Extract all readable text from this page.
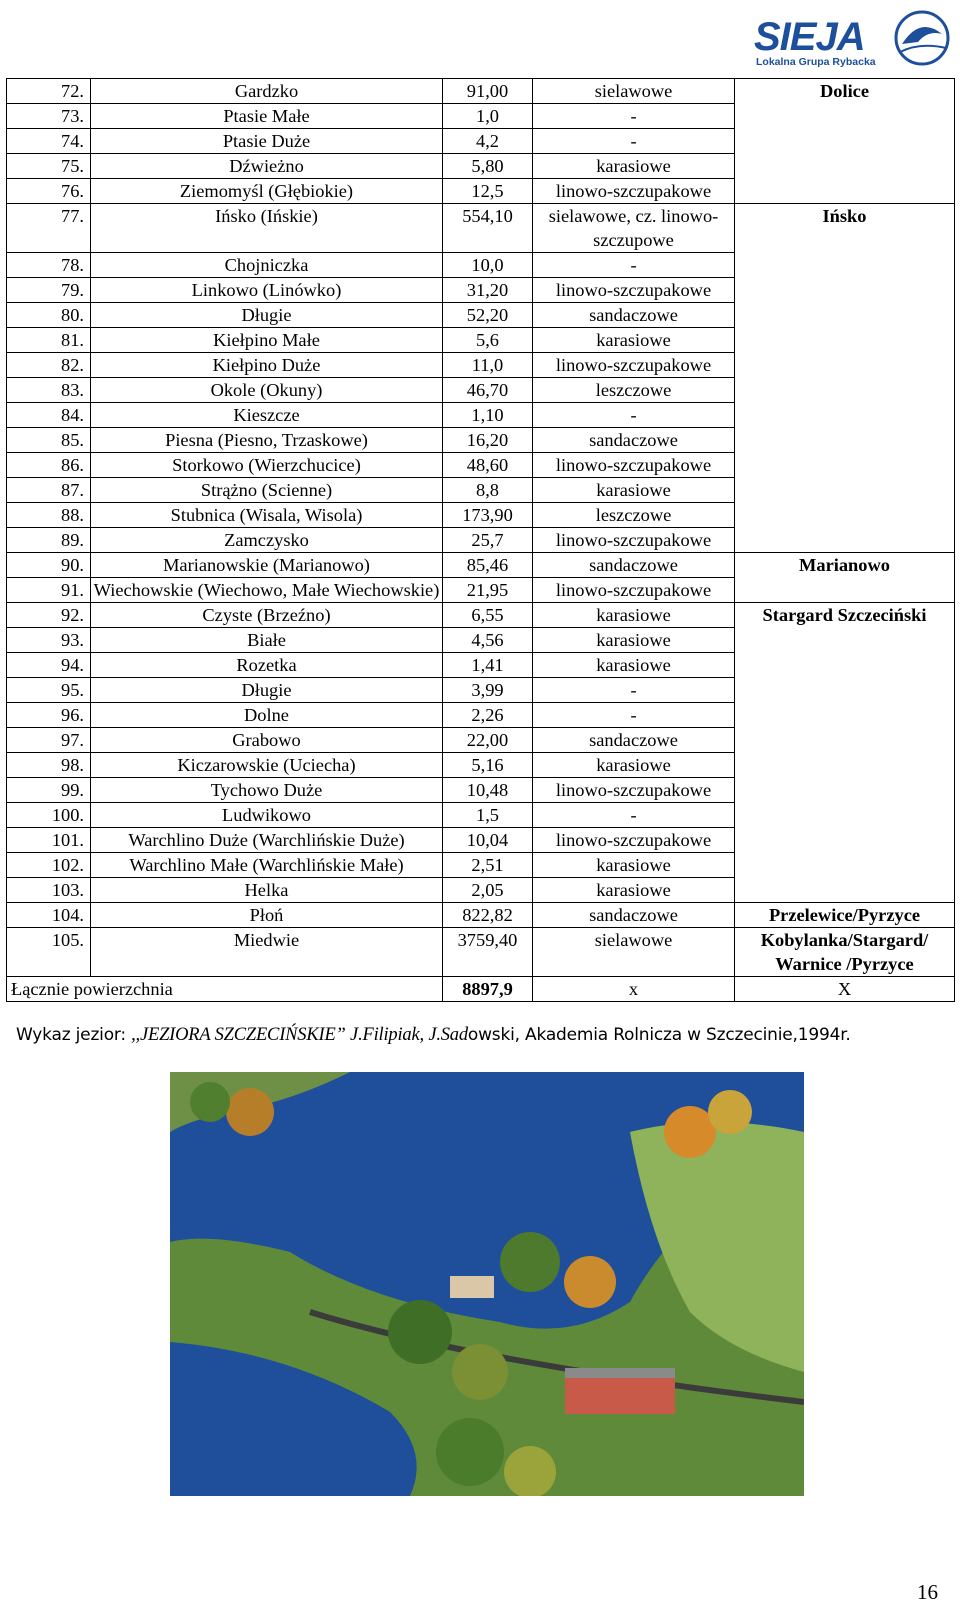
SIEJA
Lokalna Grupa Rybacka
72.	Gardzko	91,00	sielawowe	Dolice
73.	Ptasie Małe	1,0	-	
74.	Ptasie Duże	4,2	-	
75.	Dźwieżno	5,80	karasiowe	
76.	Ziemomyśl (Głębiokie)	12,5	linowo-szczupakowe	
77.	Ińsko (Ińskie)	554,10	sielawowe, cz. linowo-szczupowe	Ińsko
78.	Chojniczka	10,0	-	
79.	Linkowo (Linówko)	31,20	linowo-szczupakowe	
80.	Długie	52,20	sandaczowe	
81.	Kiełpino Małe	5,6	karasiowe	
82.	Kiełpino Duże	11,0	linowo-szczupakowe	
83.	Okole (Okuny)	46,70	leszczowe	
84.	Kieszcze	1,10	-	
85.	Piesna (Piesno, Trzaskowe)	16,20	sandaczowe	
86.	Storkowo (Wierzchucice)	48,60	linowo-szczupakowe	
87.	Strążno (Scienne)	8,8	karasiowe	
88.	Stubnica (Wisala, Wisola)	173,90	leszczowe	
89.	Zamczysko	25,7	linowo-szczupakowe	
90.	Marianowskie (Marianowo)	85,46	sandaczowe	Marianowo
91.	Wiechowskie (Wiechowo, Małe Wiechowskie)	21,95	linowo-szczupakowe	
92.	Czyste (Brzeźno)	6,55	karasiowe	Stargard Szczeciński
93.	Białe	4,56	karasiowe	
94.	Rozetka	1,41	karasiowe	
95.	Długie	3,99	-	
96.	Dolne	2,26	-	
97.	Grabowo	22,00	sandaczowe	
98.	Kiczarowskie (Uciecha)	5,16	karasiowe	
99.	Tychowo Duże	10,48	linowo-szczupakowe	
100.	Ludwikowo	1,5	-	
101.	Warchlino Duże (Warchlińskie Duże)	10,04	linowo-szczupakowe	
102.	Warchlino Małe (Warchlińskie Małe)	2,51	karasiowe	
103.	Helka	2,05	karasiowe	
104.	Płoń	822,82	sandaczowe	Przelewice/Pyrzyce
105.	Miedwie	3759,40	sielawowe	Kobylanka/Stargard/ Warnice /Pyrzyce
Łącznie powierzchnia		8897,9	x	X
Wykaz jezior: ,,JEZIORA SZCZECIŃSKIE” J.Filipiak, J.Sadowski, Akademia Rolnicza w Szczecinie,1994r.
16
